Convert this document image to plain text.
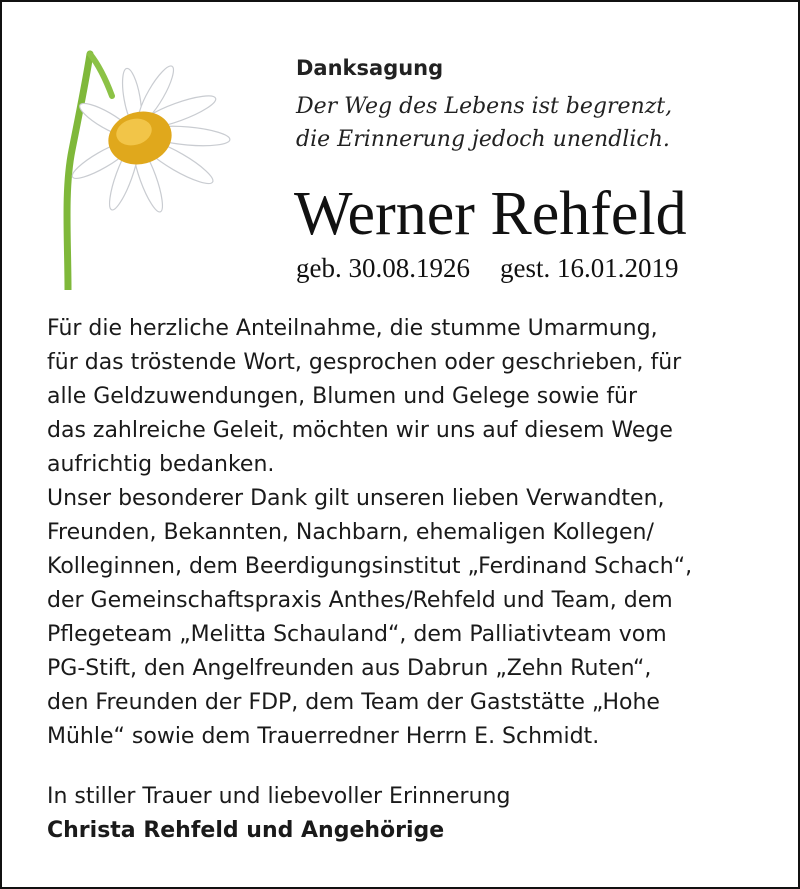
Danksagung
Der Weg des Lebens ist begrenzt,
die Erinnerung jedoch unendlich.
Werner Rehfeld
geb. 30.08.1926 gest. 16.01.2019
Für die herzliche Anteilnahme, die stumme Umarmung,
für das tröstende Wort, gesprochen oder geschrieben, für
alle Geldzuwendungen, Blumen und Gelege sowie für
das zahlreiche Geleit, möchten wir uns auf diesem Wege
aufrichtig bedanken.
Unser besonderer Dank gilt unseren lieben Verwandten,
Freunden, Bekannten, Nachbarn, ehemaligen Kollegen/
Kolleginnen, dem Beerdigungsinstitut „Ferdinand Schach“,
der Gemeinschaftspraxis Anthes/Rehfeld und Team, dem
Pflegeteam „Melitta Schauland“, dem Palliativteam vom
PG-Stift, den Angelfreunden aus Dabrun „Zehn Ruten“,
den Freunden der FDP, dem Team der Gaststätte „Hohe
Mühle“ sowie dem Trauerredner Herrn E. Schmidt.
In stiller Trauer und liebevoller Erinnerung
Christa Rehfeld und Angehörige
